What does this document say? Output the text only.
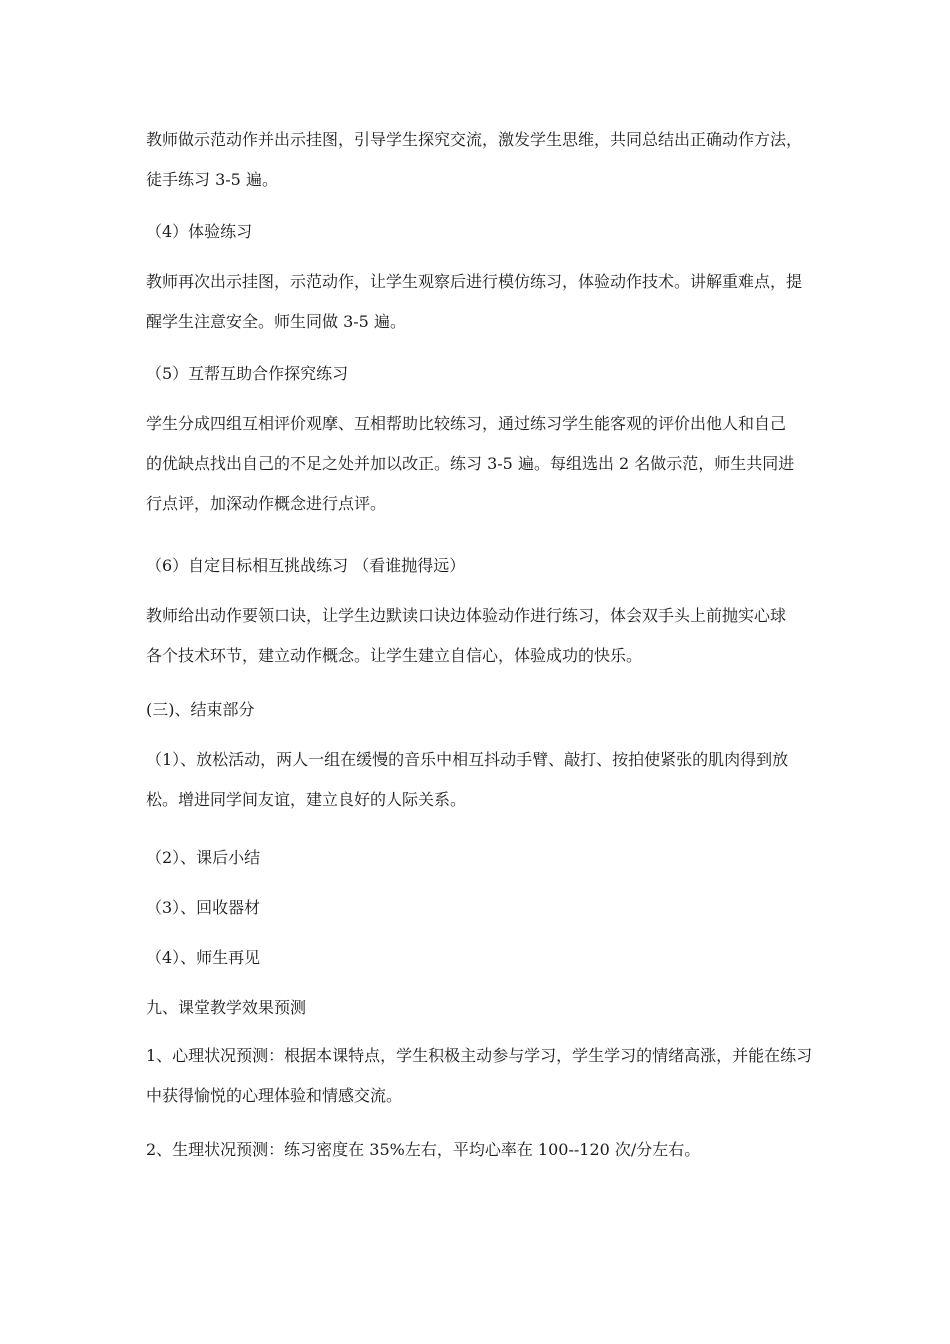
教师做示范动作并出示挂图，引导学生探究交流，激发学生思维，共同总结出正确动作方法，
徒手练习 3-5 遍。

（4）体验练习

教师再次出示挂图，示范动作，让学生观察后进行模仿练习，体验动作技术。讲解重难点，提
醒学生注意安全。师生同做 3-5 遍。

（5）互帮互助合作探究练习

学生分成四组互相评价观摩、互相帮助比较练习，通过练习学生能客观的评价出他人和自己
的优缺点找出自己的不足之处并加以改正。练习 3-5 遍。每组选出 2 名做示范，师生共同进
行点评，加深动作概念进行点评。

（6）自定目标相互挑战练习 （看谁抛得远）

教师给出动作要领口诀，让学生边默读口诀边体验动作进行练习，体会双手头上前抛实心球
各个技术环节，建立动作概念。让学生建立自信心，体验成功的快乐。

(三)、结束部分

（1）、放松活动，两人一组在缓慢的音乐中相互抖动手臂、敲打、按拍使紧张的肌肉得到放
松。增进同学间友谊，建立良好的人际关系。

（2）、课后小结

（3）、回收器材

（4）、师生再见

九、课堂教学效果预测

1、心理状况预测：根据本课特点，学生积极主动参与学习，学生学习的情绪高涨，并能在练习
中获得愉悦的心理体验和情感交流。

2、生理状况预测：练习密度在 35%左右，平均心率在 100--120 次/分左右。
